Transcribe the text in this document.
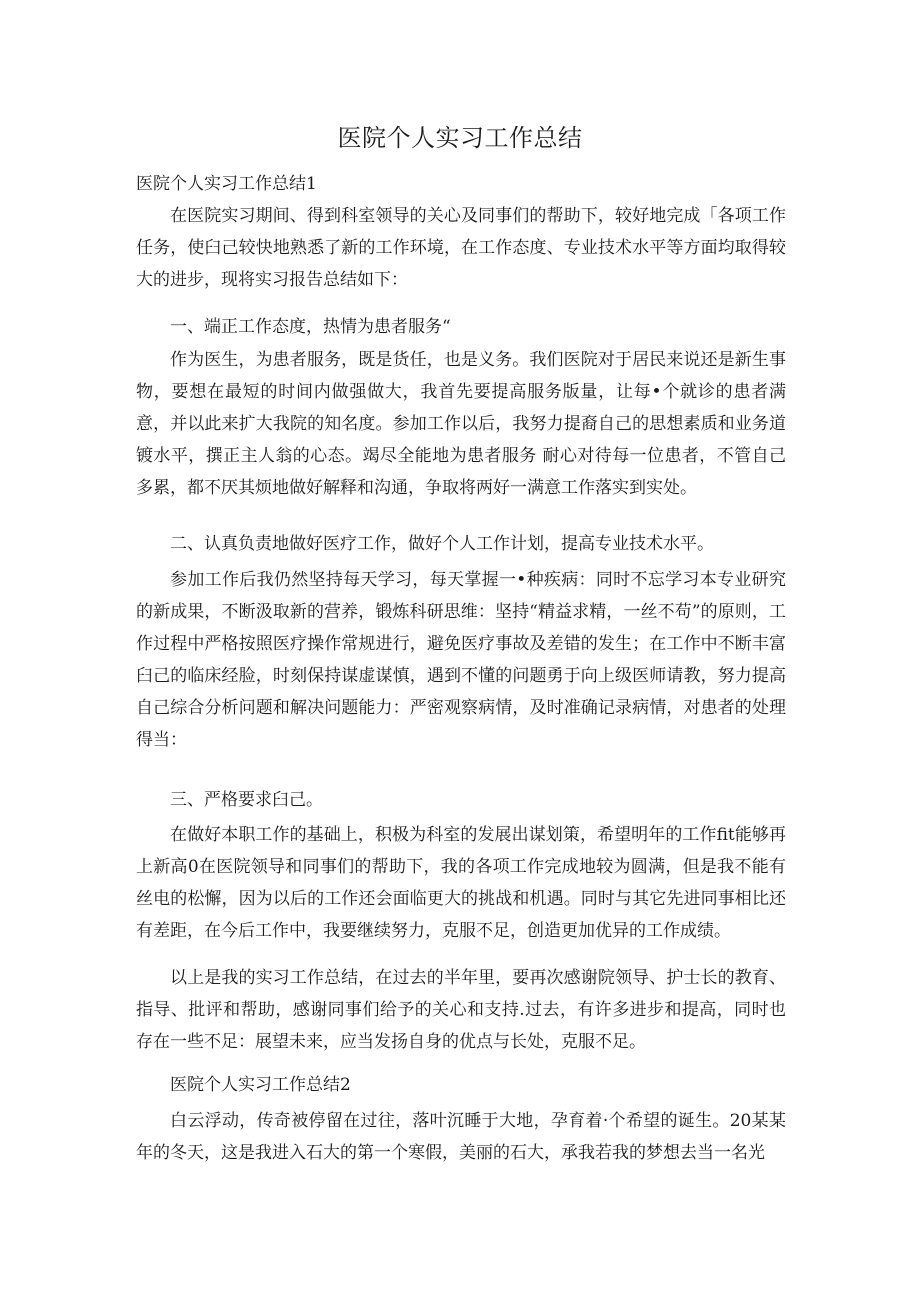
医院个人实习工作总结

医院个人实习工作总结1

在医院实习期间、得到科室领导的关心及同事们的帮助下，较好地完成「各项工作任务，使臼己较快地熟悉了新的工作环境，在工作态度、专业技术水平等方面均取得较大的进步，现将实习报告总结如下：

一、端正工作态度，热情为患者服务“

作为医生，为患者服务，既是货任，也是义务。我们医院对于居民来说还是新生事物，要想在最短的时间内做强做大，我首先要提高服务版量，让每•个就诊的患者满意，并以此来扩大我院的知名度。参加工作以后，我努力提裔自己的思想素质和业务道镀水平，撰正主人翁的心态。竭尽全能地为患者服务 耐心对待每一位患者，不管自己多累，都不厌其烦地做好解释和沟通，争取将两好一满意工作落实到实处。

二、认真负责地做好医疗工作，做好个人工作计划，提高专业技术水平。

参加工作后我仍然坚持每天学习，每天掌握一•种疾病：同时不忘学习本专业研究的新成果，不断汲取新的营养，锻炼科研思维：坚持“精益求精，一丝不苟”的原则，工作过程中严格按照医疗操作常规进行，避免医疗事故及差错的发生；在工作中不断丰富臼己的临床经脸，时刻保持谋虚谋慎，遇到不懂的问题勇于向上级医师请教，努力提高自己综合分析问题和解决问题能力：严密观察病情，及时准确记录病情，对患者的处理得当：

三、严格要求臼己。

在做好本职工作的基础上，积极为科室的发展出谋划策，希望明年的工作fit能够再上新高0在医院领导和同事们的帮助下，我的各项工作完成地较为圆满，但是我不能有丝电的松懈，因为以后的工作还会面临更大的挑战和机遇。同时与其它先进同事相比还有差距，在今后工作中，我要继续努力，克服不足，创造更加优异的工作成绩。

以上是我的实习工作总结，在过去的半年里，要再次感谢院领导、护士长的教育、指导、批评和帮助，感谢同事们给予的关心和支持.过去，有许多进步和提高，同时也存在一些不足：展望未来，应当发扬自身的优点与长处，克服不足。

医院个人实习工作总结2

白云浮动，传奇被停留在过往，落叶沉睡于大地，孕育着·个希望的诞生。20某某年的冬天，这是我进入石大的第一个寒假，美丽的石大，承我若我的梦想去当一名光
